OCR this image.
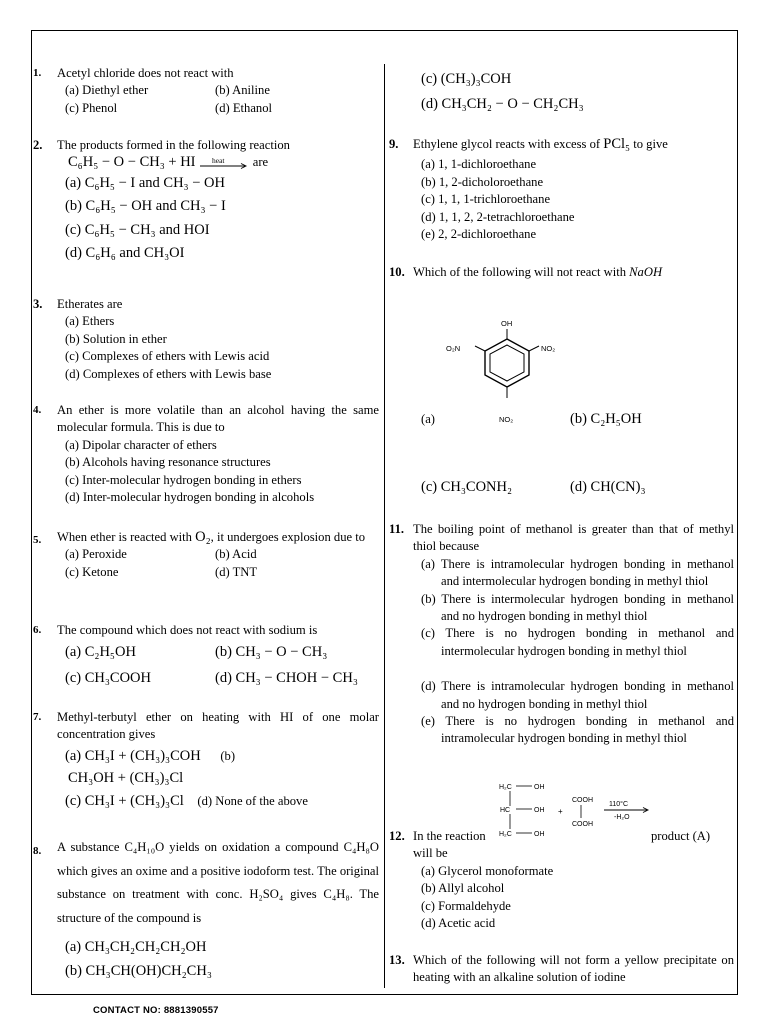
1. Acetyl chloride does not react with
(a) Diethyl ether	(b) Aniline
(c) Phenol	(d) Ethanol
2. The products formed in the following reaction
C₆H₅ − O − CH₃ + HI heat are
(a) C₆H₅ − I and CH₃ − OH
(b) C₆H₅ − OH and CH₃ − I
(c) C₆H₅ − CH₃ and HOI
(d) C₆H₆ and CH₃OI
3. Etherates are
(a) Ethers
(b) Solution in ether
(c) Complexes of ethers with Lewis acid
(d) Complexes of ethers with Lewis base
4. An ether is more volatile than an alcohol having the same molecular formula. This is due to
(a) Dipolar character of ethers
(b) Alcohols having resonance structures
(c) Inter-molecular hydrogen bonding in ethers
(d) Inter-molecular hydrogen bonding in alcohols
5. When ether is reacted with O₂, it undergoes explosion due to
(a) Peroxide	(b) Acid
(c) Ketone	(d) TNT
6. The compound which does not react with sodium is
(a) C₂H₅OH	(b) CH₃ − O − CH₃
(c) CH₃COOH	(d) CH₃ − CHOH − CH₃
7. Methyl-terbutyl ether on heating with HI of one molar concentration gives
(a) CH₃I + (CH₃)₃COH (b)
CH₃OH + (CH₃)₃Cl
(c) CH₃I + (CH₃)₃Cl (d) None of the above
8. A substance C₄H₁₀O yields on oxidation a compound C₄H₈O which gives an oxime and a positive iodoform test. The original substance on treatment with conc. H₂SO₄ gives C₄H₈. The structure of the compound is
(a) CH₃CH₂CH₂CH₂OH
(b) CH₃CH(OH)CH₂CH₃
(c) (CH₃)₃COH
(d) CH₃CH₂ − O − CH₂CH₃
9. Ethylene glycol reacts with excess of PCl₅ to give
(a) 1, 1-dichloroethane
(b) 1, 2-dicholoroethane
(c) 1, 1, 1-trichloroethane
(d) 1, 1, 2, 2-tetrachloroethane
(e) 2, 2-dichloroethane
10. Which of the following will not react with NaOH
OH
O₂N	NO₂
NO₂
(a)	(b) C₂H₅OH
(c) CH₃CONH₂	(d) CH(CN)₃
11. The boiling point of methanol is greater than that of methyl thiol because
(a) There is intramolecular hydrogen bonding in methanol and intermolecular hydrogen bonding in methyl thiol
(b) There is intermolecular hydrogen bonding in methanol and no hydrogen bonding in methyl thiol
(c) There is no hydrogen bonding in methanol and intermolecular hydrogen bonding in methyl thiol
(d) There is intramolecular hydrogen bonding in methanol and no hydrogen bonding in methyl thiol
(e) There is no hydrogen bonding in methanol and intramolecular hydrogen bonding in methyl thiol
H₂C	OH
HC	OH
H₂C	OH
+
COOH
COOH
110°C
-H₂O
12. In the reaction	product (A)
will be
(a) Glycerol monoformate
(b) Allyl alcohol
(c) Formaldehyde
(d) Acetic acid
13. Which of the following will not form a yellow precipitate on heating with an alkaline solution of iodine
CONTACT NO: 8881390557
